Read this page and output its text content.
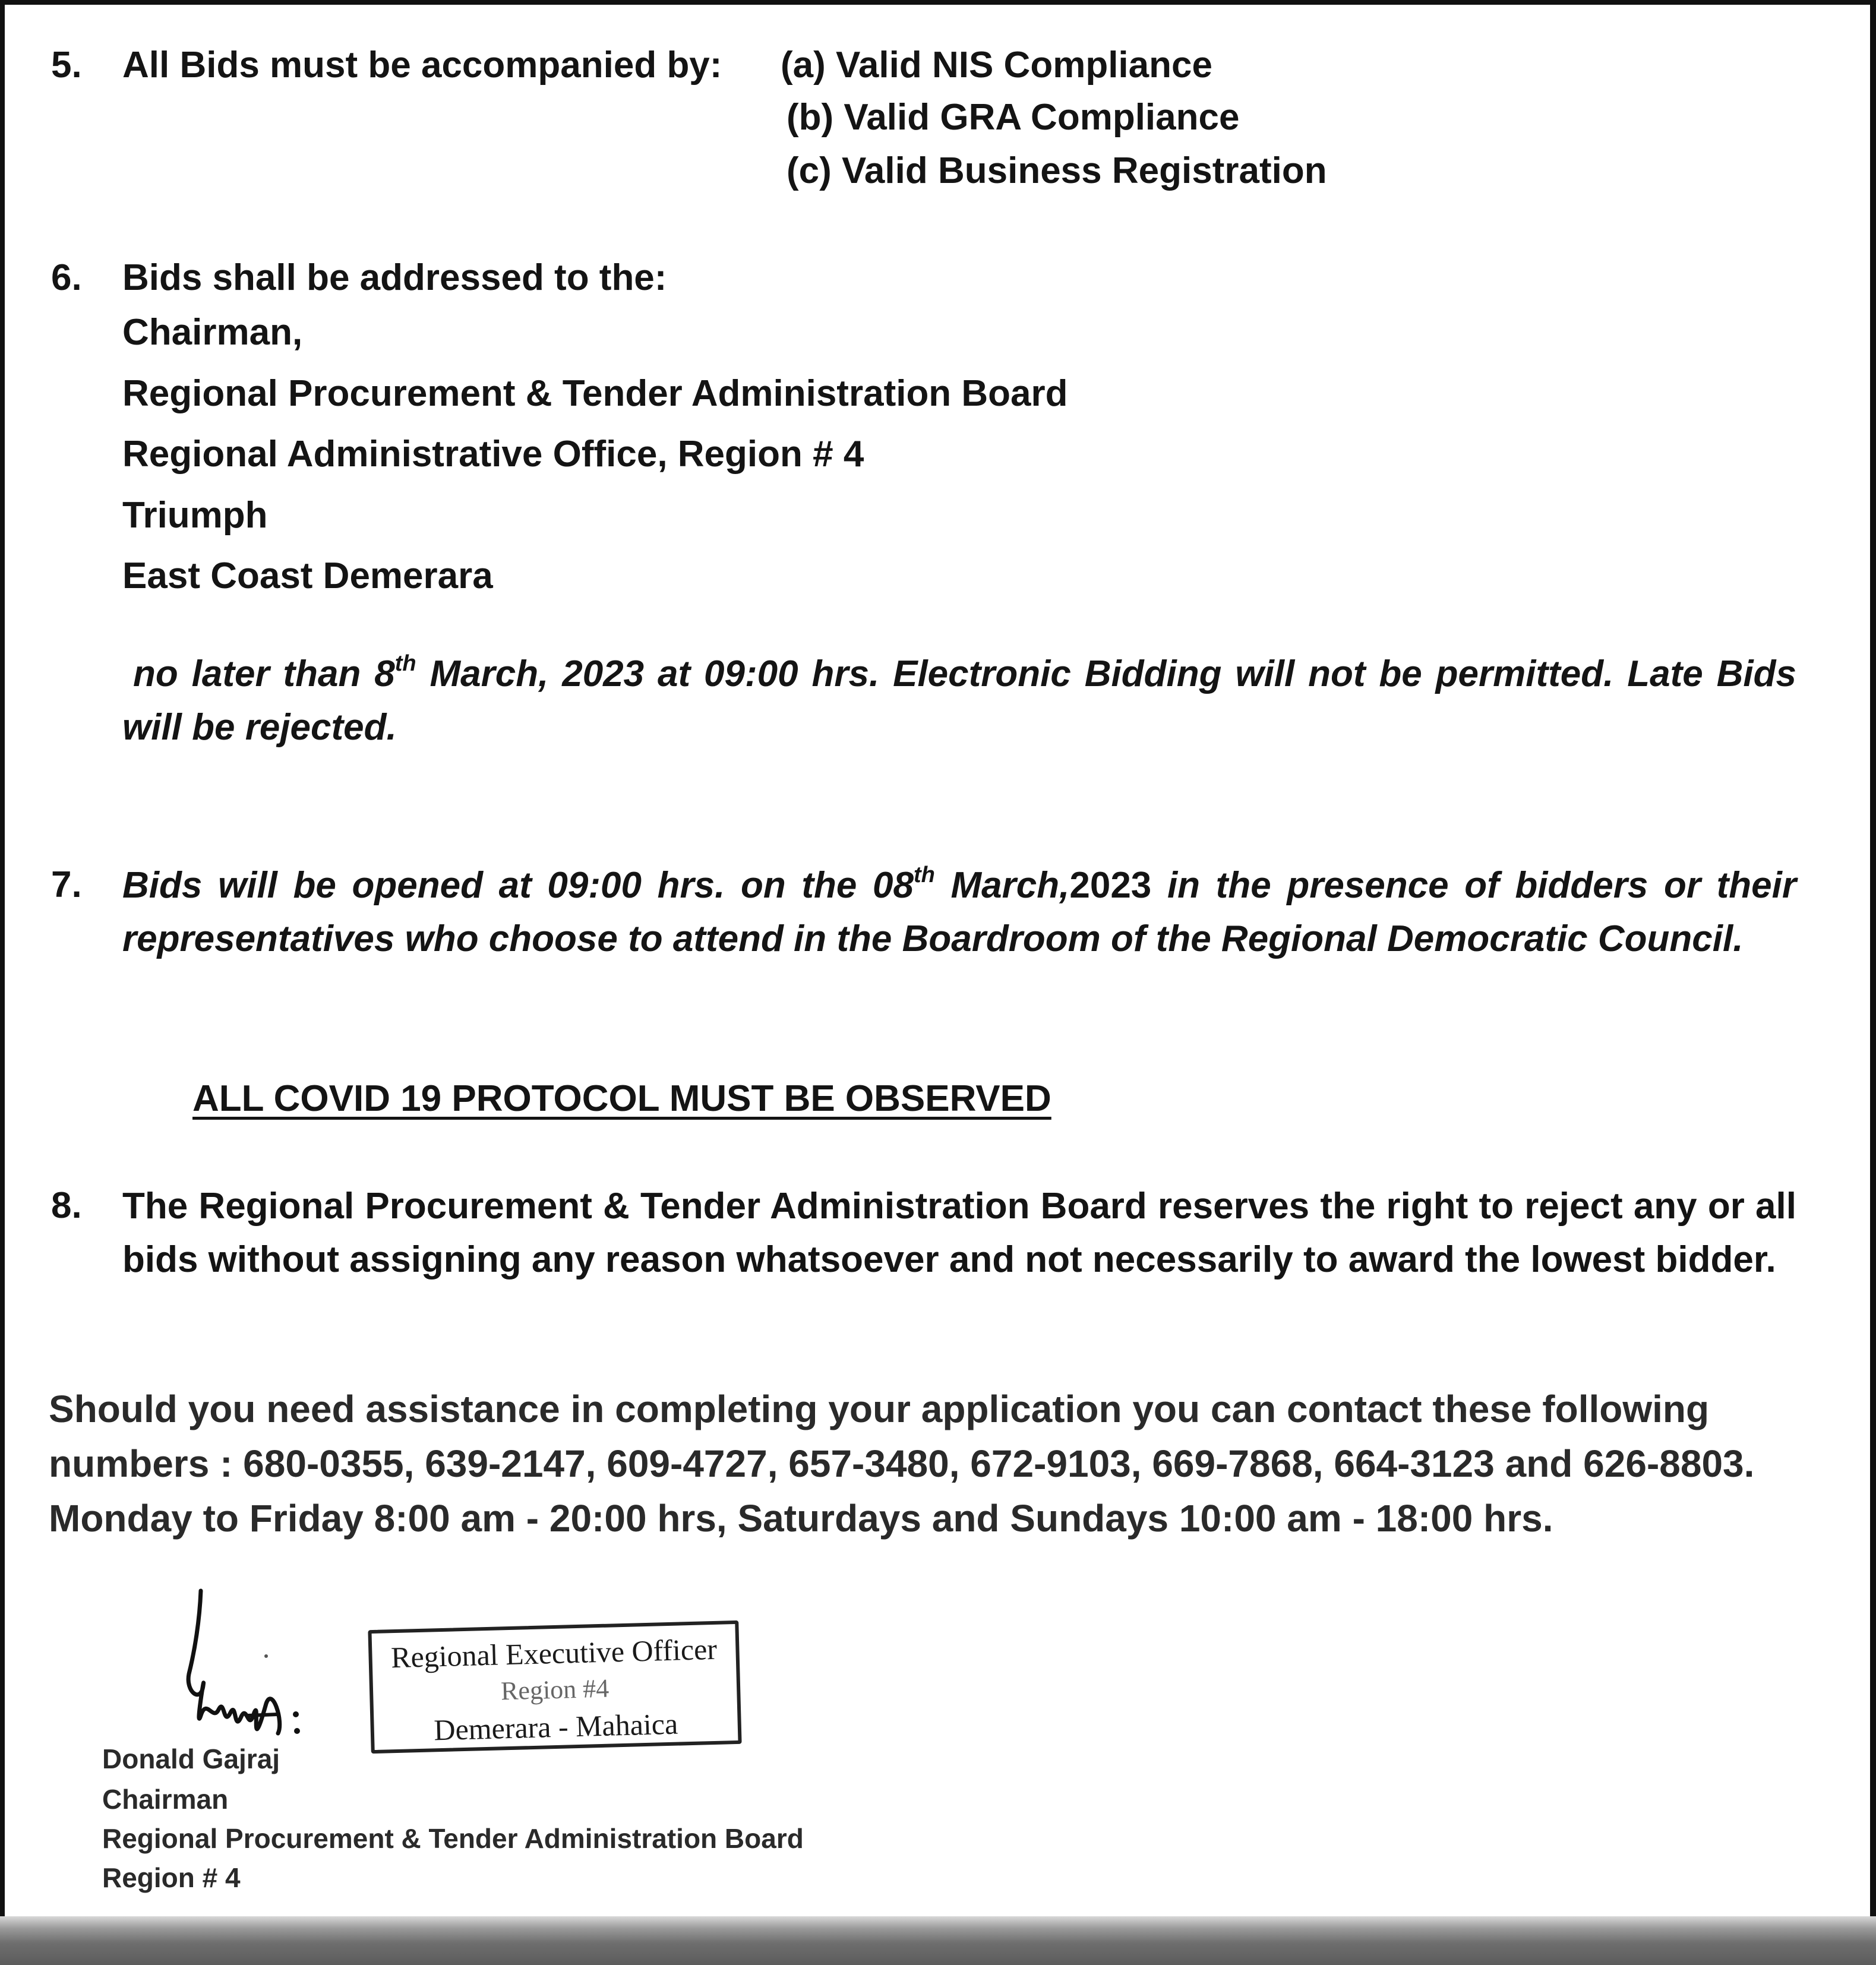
5. All Bids must be accompanied by: (a) Valid NIS Compliance

(b) Valid GRA Compliance

(c) Valid Business Registration

6. Bids shall be addressed to the:

Chairman,

Regional Procurement & Tender Administration Board

Regional Administrative Office, Region # 4

Triumph

East Coast Demerara

no later than 8th March, 2023 at 09:00 hrs. Electronic Bidding will not be permitted. Late Bids will be rejected.

7. Bids will be opened at 09:00 hrs. on the 08th March,2023 in the presence of bidders or their representatives who choose to attend in the Boardroom of the Regional Democratic Council.

ALL COVID 19 PROTOCOL MUST BE OBSERVED

8. The Regional Procurement & Tender Administration Board reserves the right to reject any or all bids without assigning any reason whatsoever and not necessarily to award the lowest bidder.

Should you need assistance in completing your application you can contact these following
numbers : 680-0355, 639-2147, 609-4727, 657-3480, 672-9103, 669-7868, 664-3123 and 626-8803.
Monday to Friday 8:00 am - 20:00 hrs, Saturdays and Sundays 10:00 am - 18:00 hrs.

Regional Executive Officer
Region #4
Demerara - Mahaica

Donald Gajraj

Chairman

Regional Procurement & Tender Administration Board

Region # 4
